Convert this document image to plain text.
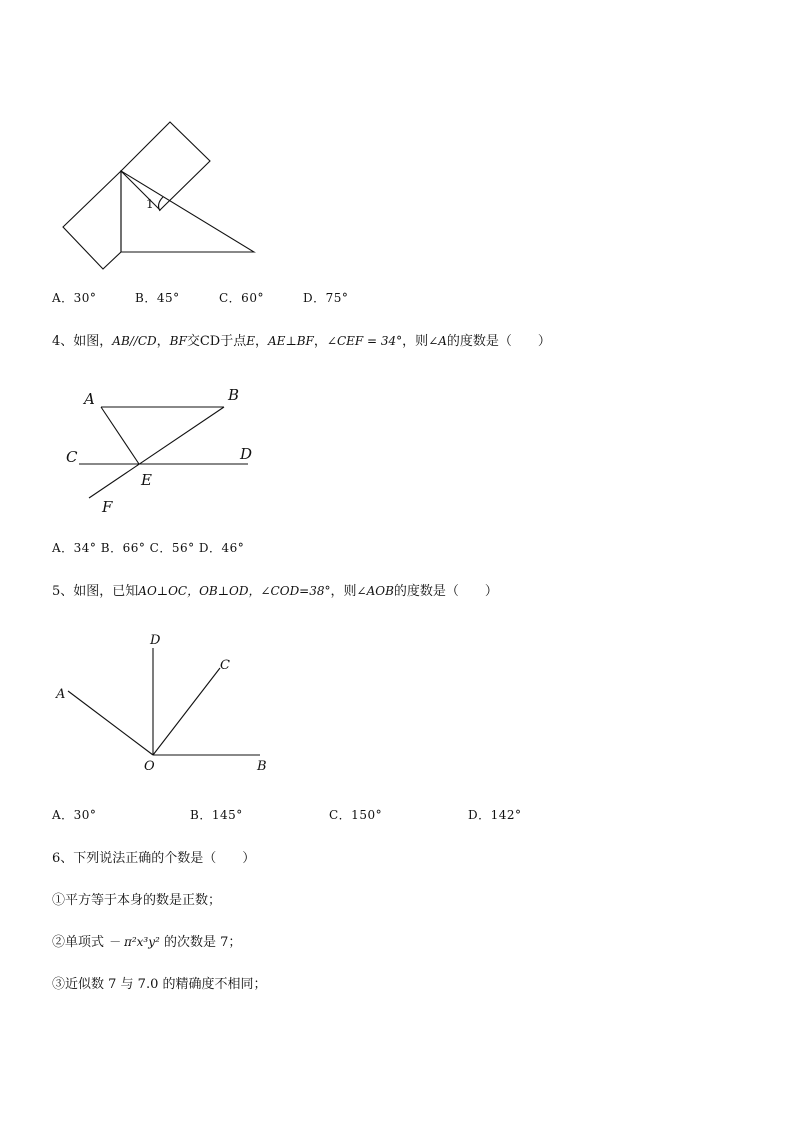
1
A．30°	B．45°	C．60°	D．75°
4、如图，AB//CD，BF交CD于点E，AE⊥BF，∠CEF = 34°，则∠A的度数是（　　）
A	B
C	D
E
F
A．34° B．66° C．56° D．46°
5、如图，已知AO⊥OC，OB⊥OD，∠COD=38°，则∠AOB的度数是（　　）
D
C
A
O	B
A．30°	B．145°	C．150°	D．142°
6、下列说法正确的个数是（　　）
①平方等于本身的数是正数；
②单项式 － π²x³y² 的次数是 7；
③近似数 7 与 7.0 的精确度不相同；
